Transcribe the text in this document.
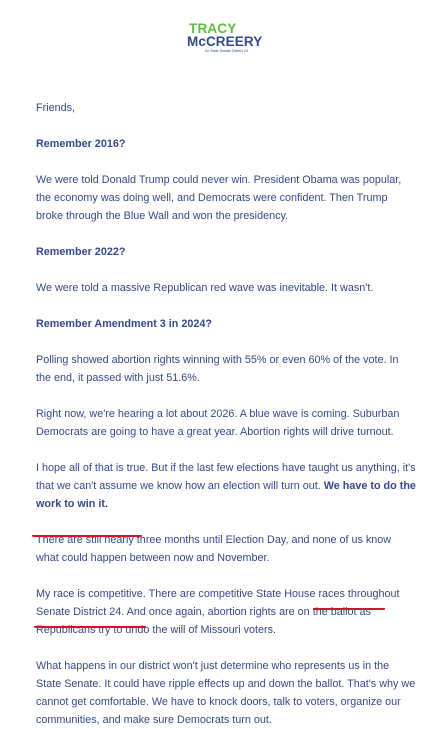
TRACY
McCREERY
for State Senate District 24

Friends,

Remember 2016?

We were told Donald Trump could never win. President Obama was popular, the economy was doing well, and Democrats were confident. Then Trump broke through the Blue Wall and won the presidency.

Remember 2022?

We were told a massive Republican red wave was inevitable. It wasn't.

Remember Amendment 3 in 2024?

Polling showed abortion rights winning with 55% or even 60% of the vote. In the end, it passed with just 51.6%.

Right now, we're hearing a lot about 2026. A blue wave is coming. Suburban Democrats are going to have a great year. Abortion rights will drive turnout.

I hope all of that is true. But if the last few elections have taught us anything, it's that we can't assume we know how an election will turn out. We have to do the work to win it.

There are still nearly three months until Election Day, and none of us know what could happen between now and November.

My race is competitive. There are competitive State House races throughout Senate District 24. And once again, abortion rights are on the ballot as Republicans try to undo the will of Missouri voters.

What happens in our district won't just determine who represents us in the State Senate. It could have ripple effects up and down the ballot. That's why we cannot get comfortable. We have to knock doors, talk to voters, organize our communities, and make sure Democrats turn out.
